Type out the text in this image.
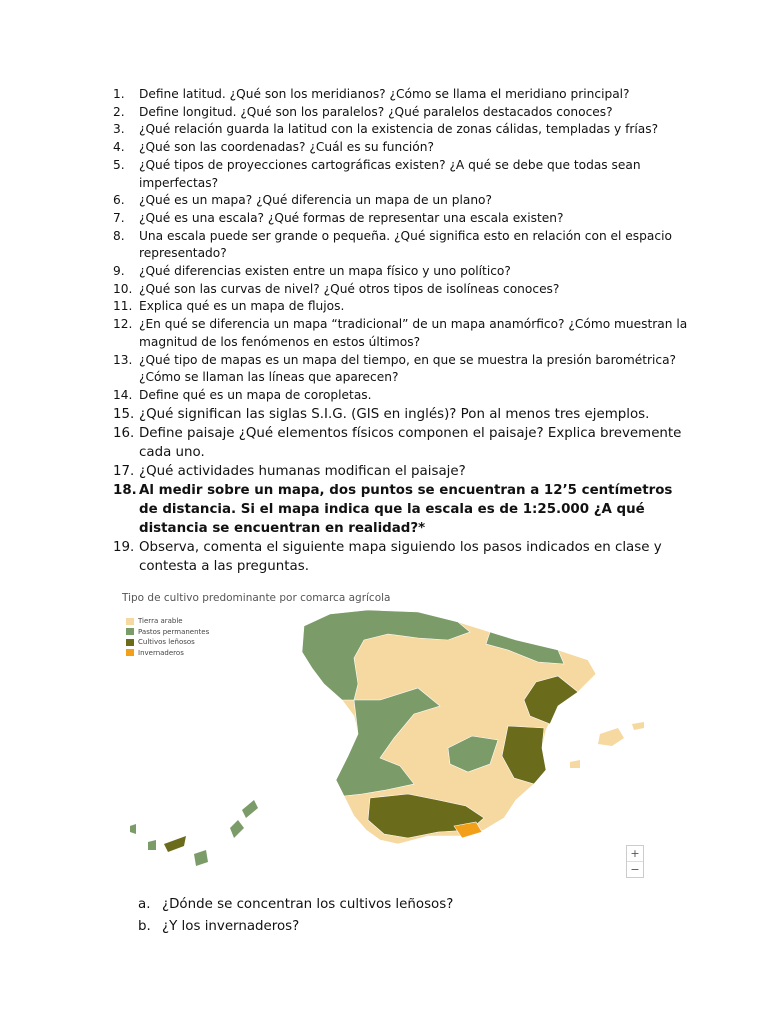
1.	Define latitud. ¿Qué son los meridianos? ¿Cómo se llama el meridiano principal?
2.	Define longitud. ¿Qué son los paralelos? ¿Qué paralelos destacados conoces?
3.	¿Qué relación guarda la latitud con la existencia de zonas cálidas, templadas y frías?
4.	¿Qué son las coordenadas? ¿Cuál es su función?
5.	¿Qué tipos de proyecciones cartográficas existen? ¿A qué se debe que todas sean imperfectas?
6.	¿Qué es un mapa? ¿Qué diferencia un mapa de un plano?
7.	¿Qué es una escala? ¿Qué formas de representar una escala existen?
8.	Una escala puede ser grande o pequeña. ¿Qué significa esto en relación con el espacio representado?
9.	¿Qué diferencias existen entre un mapa físico y uno político?
10. ¿Qué son las curvas de nivel? ¿Qué otros tipos de isolíneas conoces?
11. Explica qué es un mapa de flujos.
12. ¿En qué se diferencia un mapa “tradicional” de un mapa anamórfico? ¿Cómo muestran la magnitud de los fenómenos en estos últimos?
13. ¿Qué tipo de mapas es un mapa del tiempo, en que se muestra la presión barométrica? ¿Cómo se llaman las líneas que aparecen?
14. Define qué es un mapa de coropletas.
15. ¿Qué significan las siglas S.I.G. (GIS en inglés)? Pon al menos tres ejemplos.
16. Define paisaje ¿Qué elementos físicos componen el paisaje? Explica brevemente cada uno.
17. ¿Qué actividades humanas modifican el paisaje?
18. Al medir sobre un mapa, dos puntos se encuentran a 12’5 centímetros de distancia. Si el mapa indica que la escala es de 1:25.000 ¿A qué distancia se encuentran en realidad?*
19. Observa, comenta el siguiente mapa siguiendo los pasos indicados en clase y contesta a las preguntas.
Tipo de cultivo predominante por comarca agrícola
Tierra arable
Pastos permanentes
Cultivos leñosos
Invernaderos
+
−
a. ¿Dónde se concentran los cultivos leñosos?
b. ¿Y los invernaderos?
